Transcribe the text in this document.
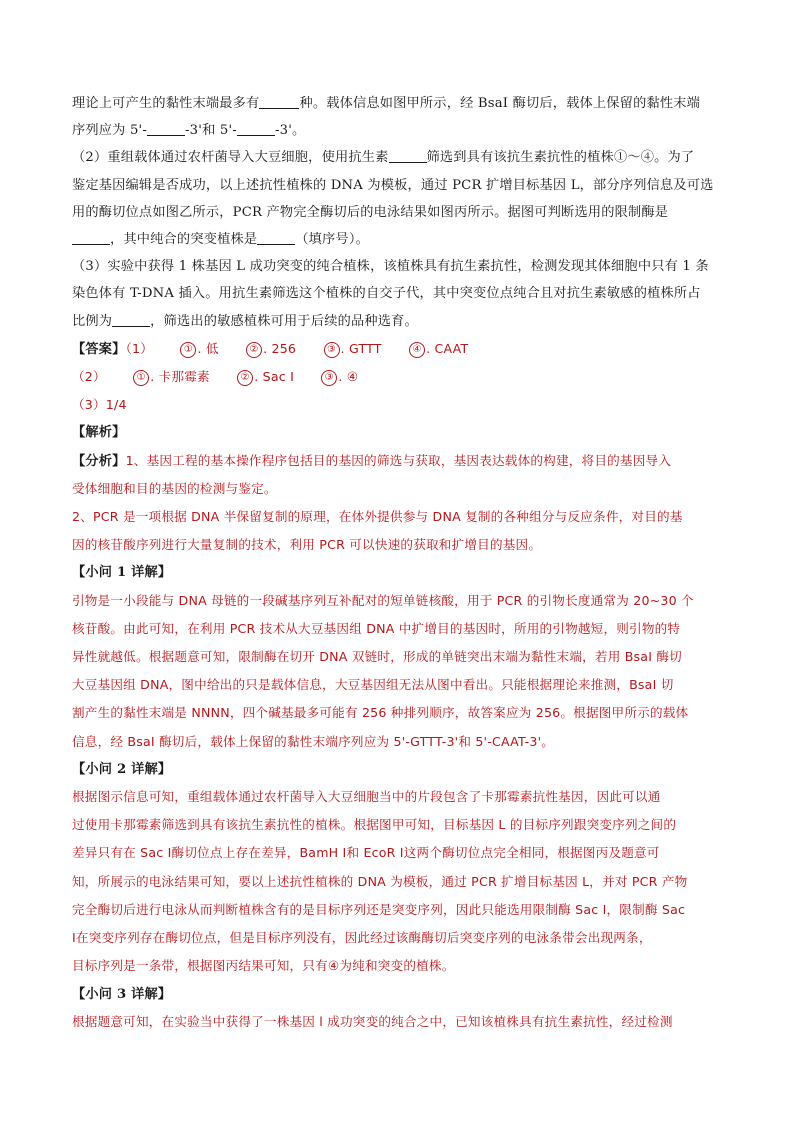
理论上可产生的黏性末端最多有	种。载体信息如图甲所示，经 BsaI 酶切后，载体上保留的黏性末端

序列应为 5'-	-3'和 5'-	-3'。

（2）重组载体通过农杆菌导入大豆细胞，使用抗生素	筛选到具有该抗生素抗性的植株①～④。为了

鉴定基因编辑是否成功，以上述抗性植株的 DNA 为模板，通过 PCR 扩增目标基因 L，部分序列信息及可选

用的酶切位点如图乙所示，PCR 产物完全酶切后的电泳结果如图丙所示。据图可判断选用的限制酶是

，其中纯合的突变植株是	（填序号）。

（3）实验中获得 1 株基因 L 成功突变的纯合植株，该植株具有抗生素抗性，检测发现其体细胞中只有 1 条

染色体有 T-DNA 插入。用抗生素筛选这个植株的自交子代，其中突变位点纯合且对抗生素敏感的植株所占

比例为	，筛选出的敏感植株可用于后续的品种选育。

【答案】（1）	① . 低	② . 256	③ . GTTT	④ . CAAT

（2）	① . 卡那霉素	② . Sac Ⅰ	③ . ④

（3）1/4

【解析】

【分析】1、基因工程的基本操作程序包括目的基因的筛选与获取，基因表达载体的构建，将目的基因导入

受体细胞和目的基因的检测与鉴定。

2、PCR 是一项根据 DNA 半保留复制的原理，在体外提供参与 DNA 复制的各种组分与反应条件，对目的基

因的核苷酸序列进行大量复制的技术，利用 PCR 可以快速的获取和扩增目的基因。

【小问 1 详解】

引物是一小段能与 DNA 母链的一段碱基序列互补配对的短单链核酸，用于 PCR 的引物长度通常为 20~30 个

核苷酸。由此可知，在利用 PCR 技术从大豆基因组 DNA 中扩增目的基因时，所用的引物越短，则引物的特

异性就越低。根据题意可知，限制酶在切开 DNA 双链时，形成的单链突出末端为黏性末端，若用 BsaI 酶切

大豆基因组 DNA，图中给出的只是载体信息，大豆基因组无法从图中看出。只能根据理论来推测，BsaI 切

割产生的黏性末端是 NNNN，四个碱基最多可能有 256 种排列顺序，故答案应为 256。根据图甲所示的载体

信息，经 BsaI 酶切后，载体上保留的黏性末端序列应为 5'-GTTT-3'和 5'-CAAT-3'。

【小问 2 详解】

根据图示信息可知，重组载体通过农杆菌导入大豆细胞当中的片段包含了卡那霉素抗性基因，因此可以通

过使用卡那霉素筛选到具有该抗生素抗性的植株。根据图甲可知，目标基因 L 的目标序列跟突变序列之间的

差异只有在 Sac Ⅰ酶切位点上存在差异，BamH Ⅰ和 EcoR Ⅰ这两个酶切位点完全相同，根据图丙及题意可

知，所展示的电泳结果可知，要以上述抗性植株的 DNA 为模板，通过 PCR 扩增目标基因 L，并对 PCR 产物

完全酶切后进行电泳从而判断植株含有的是目标序列还是突变序列，因此只能选用限制酶 Sac Ⅰ，限制酶 Sac

Ⅰ在突变序列存在酶切位点，但是目标序列没有，因此经过该酶酶切后突变序列的电泳条带会出现两条，

目标序列是一条带，根据图丙结果可知，只有④为纯和突变的植株。

【小问 3 详解】

根据题意可知，在实验当中获得了一株基因 l 成功突变的纯合之中，已知该植株具有抗生素抗性，经过检测
